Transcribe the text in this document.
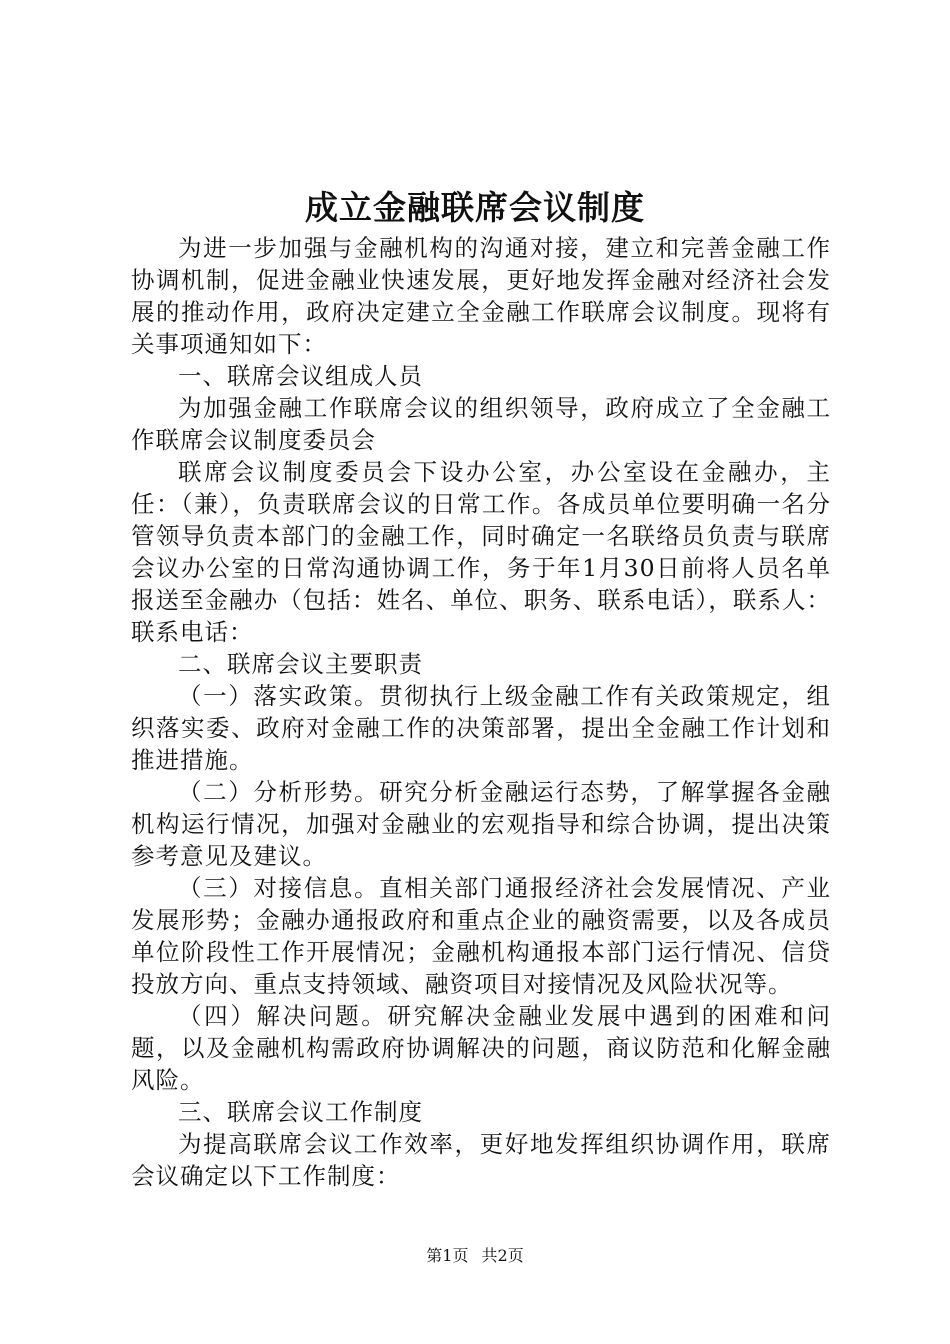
成立金融联席会议制度

为进一步加强与金融机构的沟通对接，建立和完善金融工作协调机制，促进金融业快速发展，更好地发挥金融对经济社会发展的推动作用，政府决定建立全金融工作联席会议制度。现将有关事项通知如下：

一、联席会议组成人员

为加强金融工作联席会议的组织领导，政府成立了全金融工作联席会议制度委员会

联席会议制度委员会下设办公室，办公室设在金融办，主任：（兼），负责联席会议的日常工作。各成员单位要明确一名分管领导负责本部门的金融工作，同时确定一名联络员负责与联席会议办公室的日常沟通协调工作，务于年1月30日前将人员名单报送至金融办（包括：姓名、单位、职务、联系电话），联系人：联系电话：

二、联席会议主要职责

（一）落实政策。贯彻执行上级金融工作有关政策规定，组织落实委、政府对金融工作的决策部署，提出全金融工作计划和推进措施。

（二）分析形势。研究分析金融运行态势，了解掌握各金融机构运行情况，加强对金融业的宏观指导和综合协调，提出决策参考意见及建议。

（三）对接信息。直相关部门通报经济社会发展情况、产业发展形势；金融办通报政府和重点企业的融资需要，以及各成员单位阶段性工作开展情况；金融机构通报本部门运行情况、信贷投放方向、重点支持领域、融资项目对接情况及风险状况等。

（四）解决问题。研究解决金融业发展中遇到的困难和问题，以及金融机构需政府协调解决的问题，商议防范和化解金融风险。

三、联席会议工作制度

为提高联席会议工作效率，更好地发挥组织协调作用，联席会议确定以下工作制度：

第1页 共2页
